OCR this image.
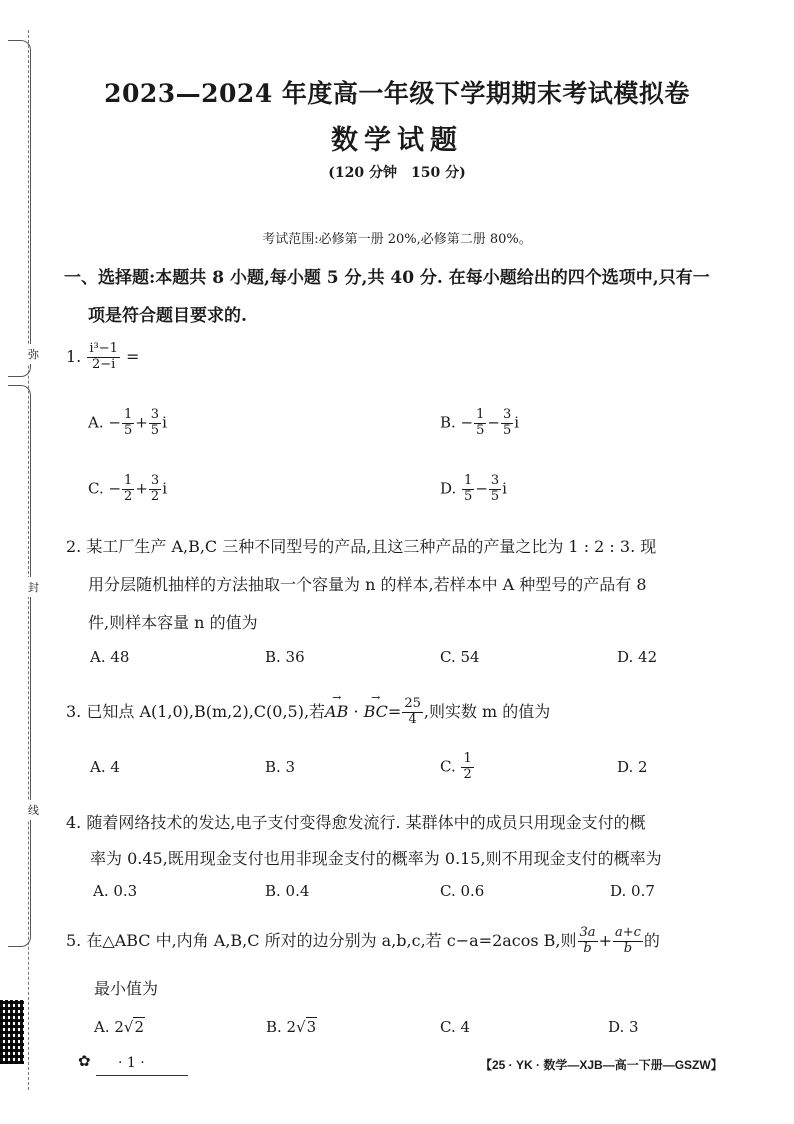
弥
封
线
2023—2024 年度高一年级下学期期末考试模拟卷
数学试题
(120 分钟　150 分)
考试范围:必修第一册 20%,必修第二册 80%。
一、选择题:本题共 8 小题,每小题 5 分,共 40 分. 在每小题给出的四个选项中,只有一
项是符合题目要求的.
1. $\frac{\text{i³−1}}{2-i}$ =
A. − $\frac{1}{5} + \frac{3}{5}$ i	B. − $\frac{1}{5} - \frac{3}{5}$ i
C. − $\frac{1}{2} + \frac{3}{2}$ i	D. $\frac{1}{5} - \frac{3}{5}$ i
2. 某工厂生产 A,B,C 三种不同型号的产品,且这三种产品的产量之比为 1 : 2 : 3. 现
用分层随机抽样的方法抽取一个容量为 n 的样本,若样本中 A 种型号的产品有 8
件,则样本容量 n 的值为
A. 48	B. 36	C. 54	D. 42
3. 已知点 A(1,0),B(m,2),C(0,5),若→ AB · → $BC= \frac{25}{4}$ ,则实数 m 的值为
A. 4	B. 3	C. $\frac{1}{2}$	D. 2
4. 随着网络技术的发达,电子支付变得愈发流行. 某群体中的成员只用现金支付的概
率为 0.45,既用现金支付也用非现金支付的概率为 0.15,则不用现金支付的概率为
A. 0.3	B. 0.4	C. 0.6	D. 0.7
5. 在△ABC 中,内角 A,B,C 所对的边分别为 a,b,c,若 c−a=2acos B,则 $\frac{3a}{b} + \frac{a+c}{b}$ 的
最小值为
A. 2√2	B. 2√3	C. 4	D. 3
✿ · 1 ·	【25 · YK · 数学—XJB—高一下册—GSZW】
